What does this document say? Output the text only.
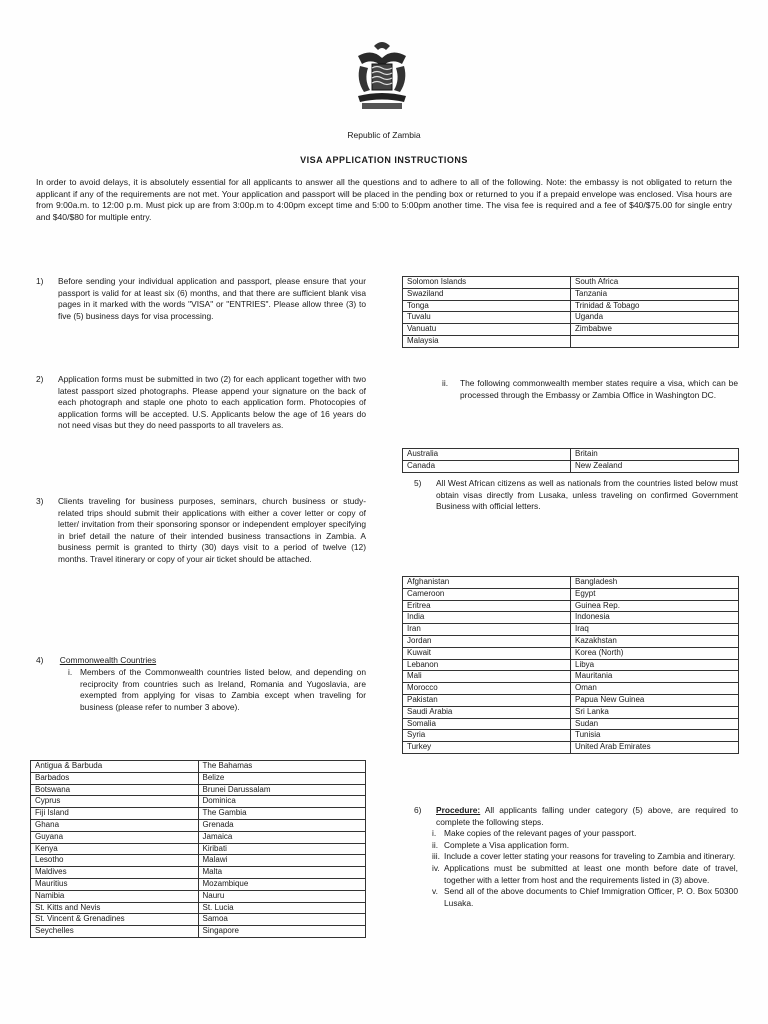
Republic of Zambia
VISA APPLICATION INSTRUCTIONS

In order to avoid delays, it is absolutely essential for all applicants to answer all the questions and to adhere to all of the following. Note: the embassy is not obligated to return the applicant if any of the requirements are not met. Your application and passport will be placed in the pending box or returned to you if a prepaid envelope was enclosed. Visa hours are from 9:00a.m. to 12:00 p.m. Must pick up are from 3:00p.m to 4:00pm except time and 5:00 to 5:00pm another time. The visa fee is required and a fee of $40/$75.00 for single entry and $40/$80 for multiple entry.

1) Before sending your individual application and passport, please ensure that your passport is valid for at least six (6) months, and that there are sufficient blank visa pages in it marked with the words "VISA" or "ENTRIES". Please allow three (3) to five (5) business days for visa processing.

2) Application forms must be submitted in two (2) for each applicant together with two latest passport sized photographs. Please append your signature on the back of each photograph and staple one photo to each application form. Photocopies of application forms will be accepted. U.S. Applicants below the age of 16 years do not need visas but they do need passports to all travelers as.

3) Clients traveling for business purposes, seminars, church business or study-related trips should submit their applications with either a cover letter or copy of letter/ invitation from their sponsoring sponsor or independent employer specifying in brief detail the nature of their intended business transactions in Zambia. A business permit is granted to thirty (30) days visit to a period of twelve (12) months. Travel itinerary or copy of your air ticket should be attached.

4) Commonwealth Countries
i. Members of the Commonwealth countries listed below, and depending on reciprocity from countries such as Ireland, Romania and Yugoslavia, are exempted from applying for visas to Zambia except when traveling for business (please refer to number 3 above).

Antigua & Barbuda	The Bahamas
Barbados	Belize
Botswana	Brunei Darussalam
Cyprus	Dominica
Fiji Island	The Gambia
Ghana	Grenada
Guyana	Jamaica
Kenya	Kiribati
Lesotho	Malawi
Maldives	Malta
Mauritius	Mozambique
Namibia	Nauru
St. Kitts and Nevis	St. Lucia
St. Vincent & Grenadines	Samoa
Seychelles	Singapore
Solomon Islands	South Africa
Swaziland	Tanzania
Tonga	Trinidad & Tobago
Tuvalu	Uganda
Vanuatu	Zimbabwe
Malaysia	
ii. The following commonwealth member states require a visa, which can be processed through the Embassy or Zambia Office in Washington DC.

Australia	Britain
Canada	New Zealand
5) All West African citizens as well as nationals from the countries listed below must obtain visas directly from Lusaka, unless traveling on confirmed Government Business with official letters.

Afghanistan	Bangladesh
Cameroon	Egypt
Eritrea	Guinea Rep.
India	Indonesia
Iran	Iraq
Jordan	Kazakhstan
Kuwait	Korea (North)
Lebanon	Libya
Mali	Mauritania
Morocco	Oman
Pakistan	Papua New Guinea
Saudi Arabia	Sri Lanka
Somalia	Sudan
Syria	Tunisia
Turkey	United Arab Emirates
6) Procedure: All applicants falling under category (5) above, are required to complete the following steps.

i. Make copies of the relevant pages of your passport.

ii. Complete a Visa application form.

iii. Include a cover letter stating your reasons for traveling to Zambia and itinerary.

iv. Applications must be submitted at least one month before date of travel, together with a letter from host and the requirements listed in (3) above.

v. Send all of the above documents to Chief Immigration Officer, P. O. Box 50300 Lusaka.
